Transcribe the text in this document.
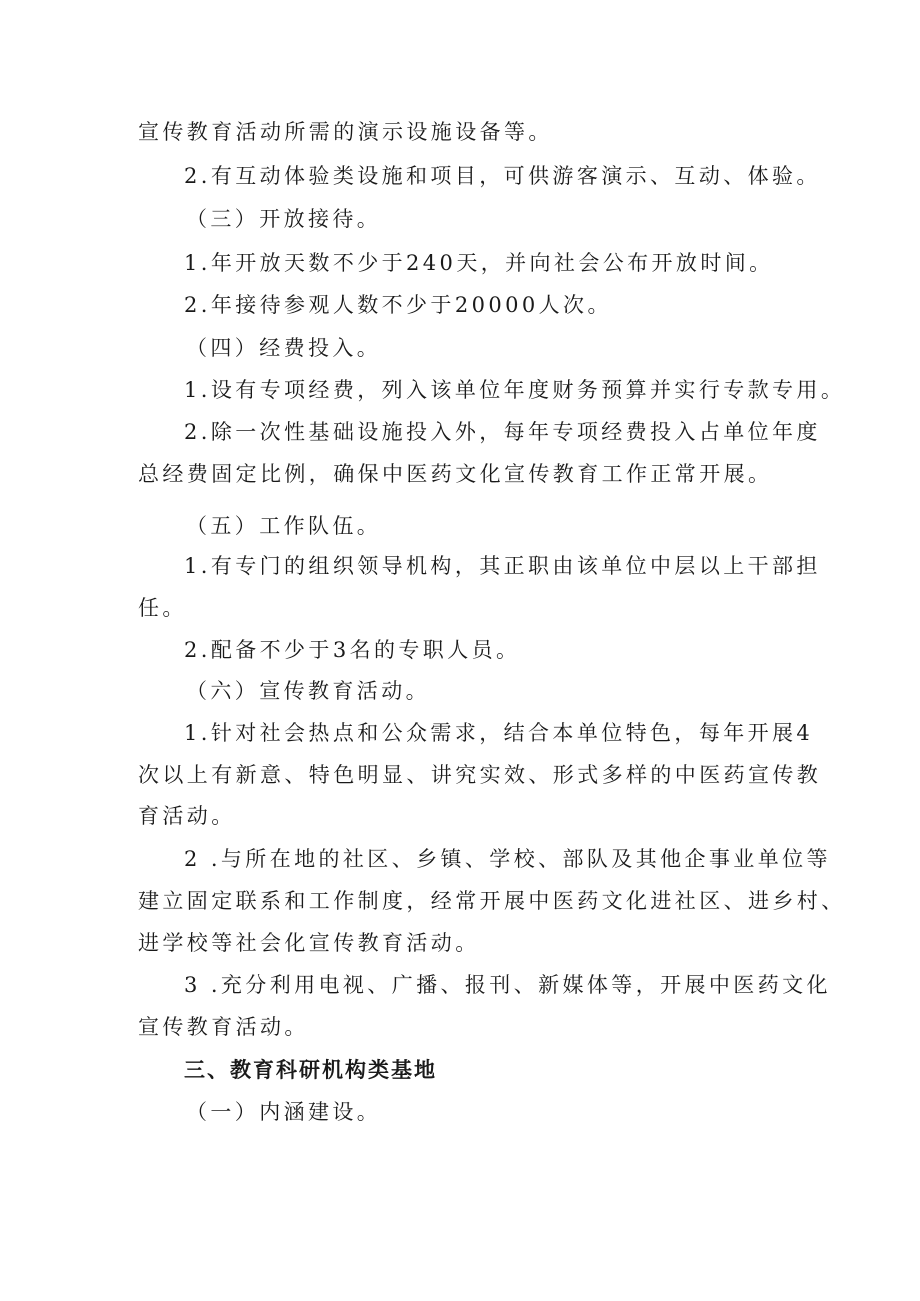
宣传教育活动所需的演示设施设备等。
2.有互动体验类设施和项目，可供游客演示、互动、体验。
（三）开放接待。
1.年开放天数不少于240天，并向社会公布开放时间。
2.年接待参观人数不少于20000人次。
（四）经费投入。
1.设有专项经费，列入该单位年度财务预算并实行专款专用。
2.除一次性基础设施投入外，每年专项经费投入占单位年度
总经费固定比例，确保中医药文化宣传教育工作正常开展。
（五）工作队伍。
1.有专门的组织领导机构，其正职由该单位中层以上干部担
任。
2.配备不少于3名的专职人员。
（六）宣传教育活动。
1.针对社会热点和公众需求，结合本单位特色，每年开展4
次以上有新意、特色明显、讲究实效、形式多样的中医药宣传教
育活动。
2 .与所在地的社区、乡镇、学校、部队及其他企事业单位等
建立固定联系和工作制度，经常开展中医药文化进社区、进乡村、
进学校等社会化宣传教育活动。
3 .充分利用电视、广播、报刊、新媒体等，开展中医药文化
宣传教育活动。
三、教育科研机构类基地
（一）内涵建设。
